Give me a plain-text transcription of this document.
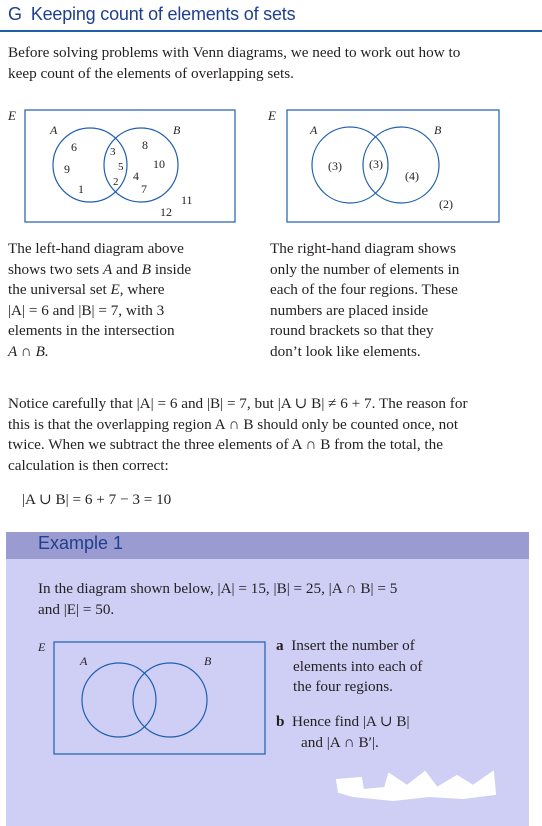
G Keeping count of elements of sets
Before solving problems with Venn diagrams, we need to work out how to
keep count of the elements of overlapping sets.
E
A	B
6
9
1
3
5
2
8
10
4
7
11
12
E
A	B
(3) (3)
(4)
(2)
The left-hand diagram above
shows two sets A and B inside
the universal set E, where
|A| = 6 and |B| = 7, with 3
elements in the intersection
A ∩ B.
The right-hand diagram shows
only the number of elements in
each of the four regions. These
numbers are placed inside
round brackets so that they
don’t look like elements.
Notice carefully that |A| = 6 and |B| = 7, but |A ∪ B| ≠ 6 + 7. The reason for
this is that the overlapping region A ∩ B should only be counted once, not
twice. When we subtract the three elements of A ∩ B from the total, the
calculation is then correct:
|A ∪ B| = 6 + 7 − 3 = 10
Example 1
In the diagram shown below, |A| = 15, |B| = 25, |A ∩ B| = 5
and |E| = 50.
E
A	B
a Insert the number of
elements into each of
the four regions.
b Hence find |A ∪ B|
and |A ∩ B′|.
